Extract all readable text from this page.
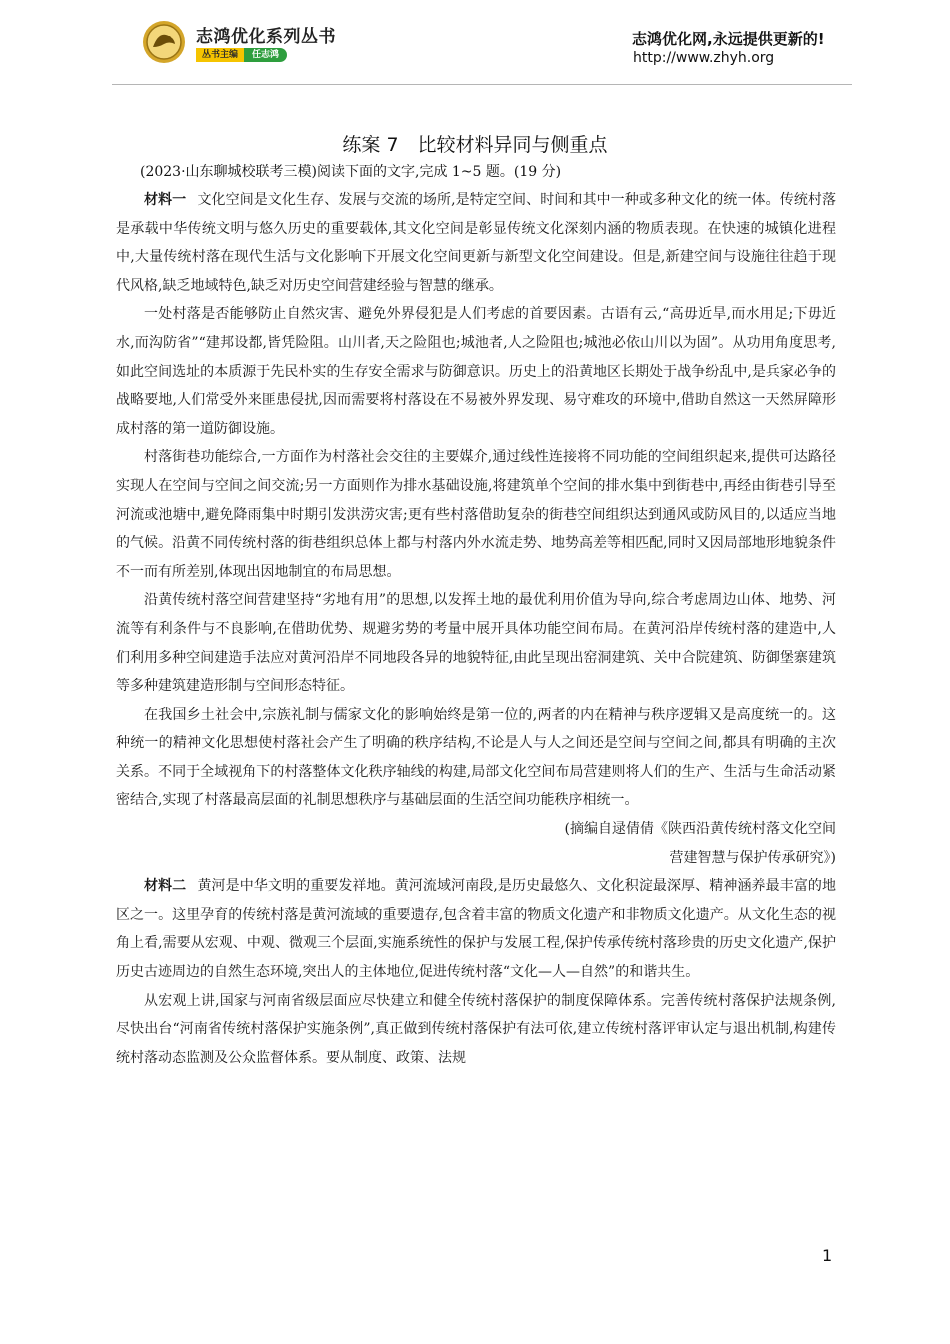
志鸿优化系列丛书
丛书主编	任志鸿
志鸿优化网,永远提供更新的!
http://www.zhyh.org
练案 7　比较材料异同与侧重点
(2023·山东聊城校联考三模)阅读下面的文字,完成 1~5 题。(19 分)

材料一 文化空间是文化生存、发展与交流的场所,是特定空间、时间和其中一种或多种文化的统一体。传统村落是承载中华传统文明与悠久历史的重要载体,其文化空间是彰显传统文化深刻内涵的物质表现。在快速的城镇化进程中,大量传统村落在现代生活与文化影响下开展文化空间更新与新型文化空间建设。但是,新建空间与设施往往趋于现代风格,缺乏地域特色,缺乏对历史空间营建经验与智慧的继承。

一处村落是否能够防止自然灾害、避免外界侵犯是人们考虑的首要因素。古语有云,“高毋近旱,而水用足;下毋近水,而沟防省”“建邦设都,皆凭险阻。山川者,天之险阻也;城池者,人之险阻也;城池必依山川以为固”。从功用角度思考,如此空间选址的本质源于先民朴实的生存安全需求与防御意识。历史上的沿黄地区长期处于战争纷乱中,是兵家必争的战略要地,人们常受外来匪患侵扰,因而需要将村落设在不易被外界发现、易守难攻的环境中,借助自然这一天然屏障形成村落的第一道防御设施。

村落街巷功能综合,一方面作为村落社会交往的主要媒介,通过线性连接将不同功能的空间组织起来,提供可达路径实现人在空间与空间之间交流;另一方面则作为排水基础设施,将建筑单个空间的排水集中到街巷中,再经由街巷引导至河流或池塘中,避免降雨集中时期引发洪涝灾害;更有些村落借助复杂的街巷空间组织达到通风或防风目的,以适应当地的气候。沿黄不同传统村落的街巷组织总体上都与村落内外水流走势、地势高差等相匹配,同时又因局部地形地貌条件不一而有所差别,体现出因地制宜的布局思想。

沿黄传统村落空间营建坚持“劣地有用”的思想,以发挥土地的最优利用价值为导向,综合考虑周边山体、地势、河流等有利条件与不良影响,在借助优势、规避劣势的考量中展开具体功能空间布局。在黄河沿岸传统村落的建造中,人们利用多种空间建造手法应对黄河沿岸不同地段各异的地貌特征,由此呈现出窑洞建筑、关中合院建筑、防御堡寨建筑等多种建筑建造形制与空间形态特征。

在我国乡土社会中,宗族礼制与儒家文化的影响始终是第一位的,两者的内在精神与秩序逻辑又是高度统一的。这种统一的精神文化思想使村落社会产生了明确的秩序结构,不论是人与人之间还是空间与空间之间,都具有明确的主次关系。不同于全域视角下的村落整体文化秩序轴线的构建,局部文化空间布局营建则将人们的生产、生活与生命活动紧密结合,实现了村落最高层面的礼制思想秩序与基础层面的生活空间功能秩序相统一。

(摘编自逯倩倩《陕西沿黄传统村落文化空间

营建智慧与保护传承研究》)

材料二 黄河是中华文明的重要发祥地。黄河流域河南段,是历史最悠久、文化积淀最深厚、精神涵养最丰富的地区之一。这里孕育的传统村落是黄河流域的重要遗存,包含着丰富的物质文化遗产和非物质文化遗产。从文化生态的视角上看,需要从宏观、中观、微观三个层面,实施系统性的保护与发展工程,保护传承传统村落珍贵的历史文化遗产,保护历史古迹周边的自然生态环境,突出人的主体地位,促进传统村落“文化—人—自然”的和谐共生。

从宏观上讲,国家与河南省级层面应尽快建立和健全传统村落保护的制度保障体系。完善传统村落保护法规条例,尽快出台“河南省传统村落保护实施条例”,真正做到传统村落保护有法可依,建立传统村落评审认定与退出机制,构建传统村落动态监测及公众监督体系。要从制度、政策、法规

1
